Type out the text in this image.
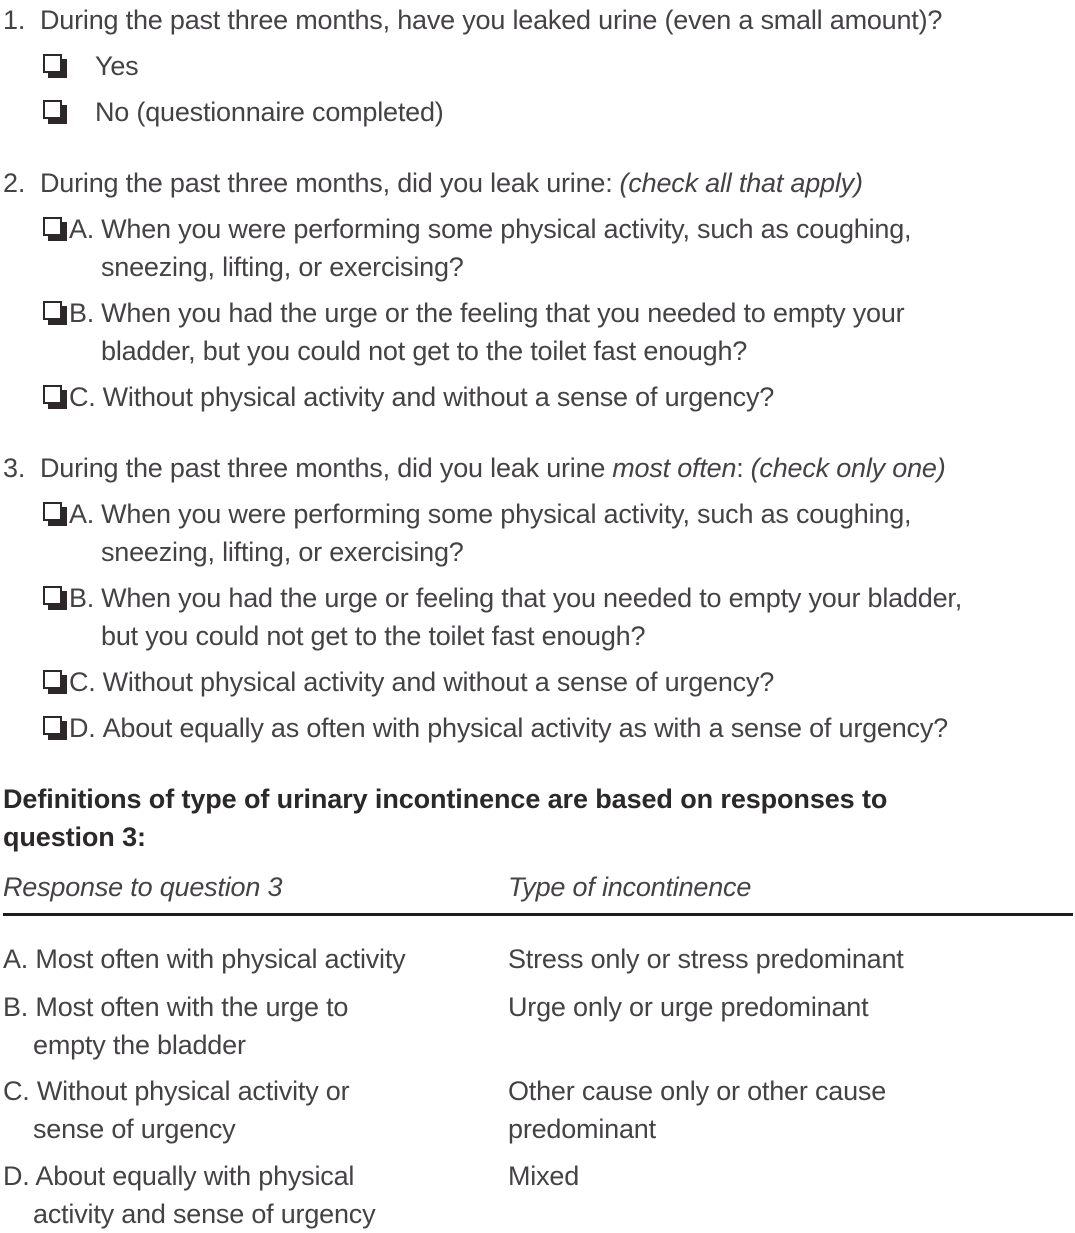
1. During the past three months, have you leaked urine (even a small amount)?
Yes
No (questionnaire completed)
2. During the past three months, did you leak urine: (check all that apply)
A. When you were performing some physical activity, such as coughing,
sneezing, lifting, or exercising?
B. When you had the urge or the feeling that you needed to empty your
bladder, but you could not get to the toilet fast enough?
C. Without physical activity and without a sense of urgency?
3. During the past three months, did you leak urine most often: (check only one)
A. When you were performing some physical activity, such as coughing,
sneezing, lifting, or exercising?
B. When you had the urge or feeling that you needed to empty your bladder,
but you could not get to the toilet fast enough?
C. Without physical activity and without a sense of urgency?
D. About equally as often with physical activity as with a sense of urgency?
Definitions of type of urinary incontinence are based on responses to
question 3:
Response to question 3	Type of incontinence
A. Most often with physical activity	Stress only or stress predominant
B. Most often with the urge to
empty the bladder
Urge only or urge predominant
C. Without physical activity or
sense of urgency
Other cause only or other cause
predominant
D. About equally with physical
activity and sense of urgency
Mixed
